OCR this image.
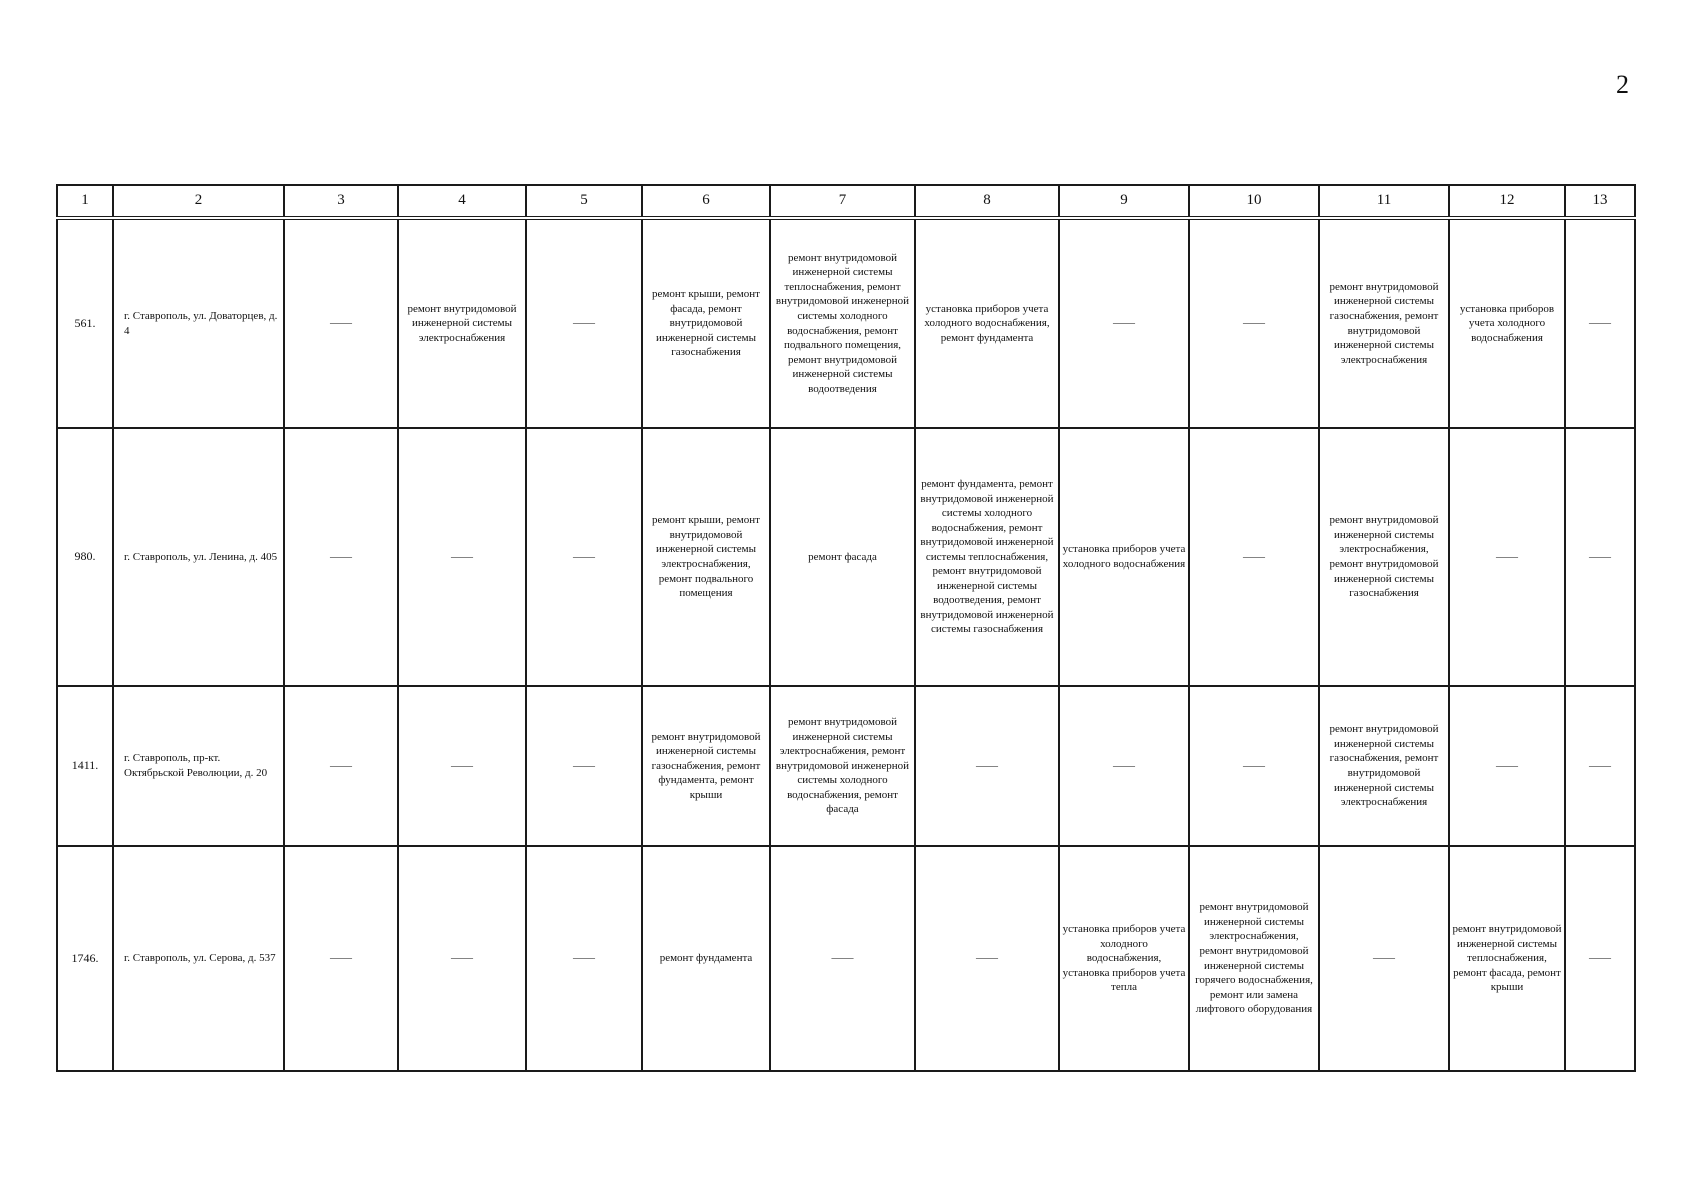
2
1	2	3	4	5	6	7	8	9	10	11	12	13
561.	г. Ставрополь, ул. Доваторцев, д. 4	——	ремонт внутридомовой инженерной системы электроснабжения	——	ремонт крыши, ремонт фасада, ремонт внутридомовой инженерной системы газоснабжения	ремонт внутридомовой инженерной системы теплоснабжения, ремонт внутридомовой инженерной системы холодного водоснабжения, ремонт подвального помещения, ремонт внутридомовой инженерной системы водоотведения	установка приборов учета холодного водоснабжения, ремонт фундамента	——	——	ремонт внутридомовой инженерной системы газоснабжения, ремонт внутридомовой инженерной системы электроснабжения	установка приборов учета холодного водоснабжения	——
980.	г. Ставрополь, ул. Ленина, д. 405	——	——	——	ремонт крыши, ремонт внутридомовой инженерной системы электроснабжения, ремонт подвального помещения	ремонт фасада	ремонт фундамента, ремонт внутридомовой инженерной системы холодного водоснабжения, ремонт внутридомовой инженерной системы теплоснабжения, ремонт внутридомовой инженерной системы водоотведения, ремонт внутридомовой инженерной системы газоснабжения	установка приборов учета холодного водоснабжения	——	ремонт внутридомовой инженерной системы электроснабжения, ремонт внутридомовой инженерной системы газоснабжения	——	——
1411.	г. Ставрополь, пр-кт. Октябрьской Революции, д. 20	——	——	——	ремонт внутридомовой инженерной системы газоснабжения, ремонт фундамента, ремонт крыши	ремонт внутридомовой инженерной системы электроснабжения, ремонт внутридомовой инженерной системы холодного водоснабжения, ремонт фасада	——	——	——	ремонт внутридомовой инженерной системы газоснабжения, ремонт внутридомовой инженерной системы электроснабжения	——	——
1746.	г. Ставрополь, ул. Серова, д. 537	——	——	——	ремонт фундамента	——	——	установка приборов учета холодного водоснабжения, установка приборов учета тепла	ремонт внутридомовой инженерной системы электроснабжения, ремонт внутридомовой инженерной системы горячего водоснабжения, ремонт или замена лифтового оборудования	——	ремонт внутридомовой инженерной системы теплоснабжения, ремонт фасада, ремонт крыши	——
